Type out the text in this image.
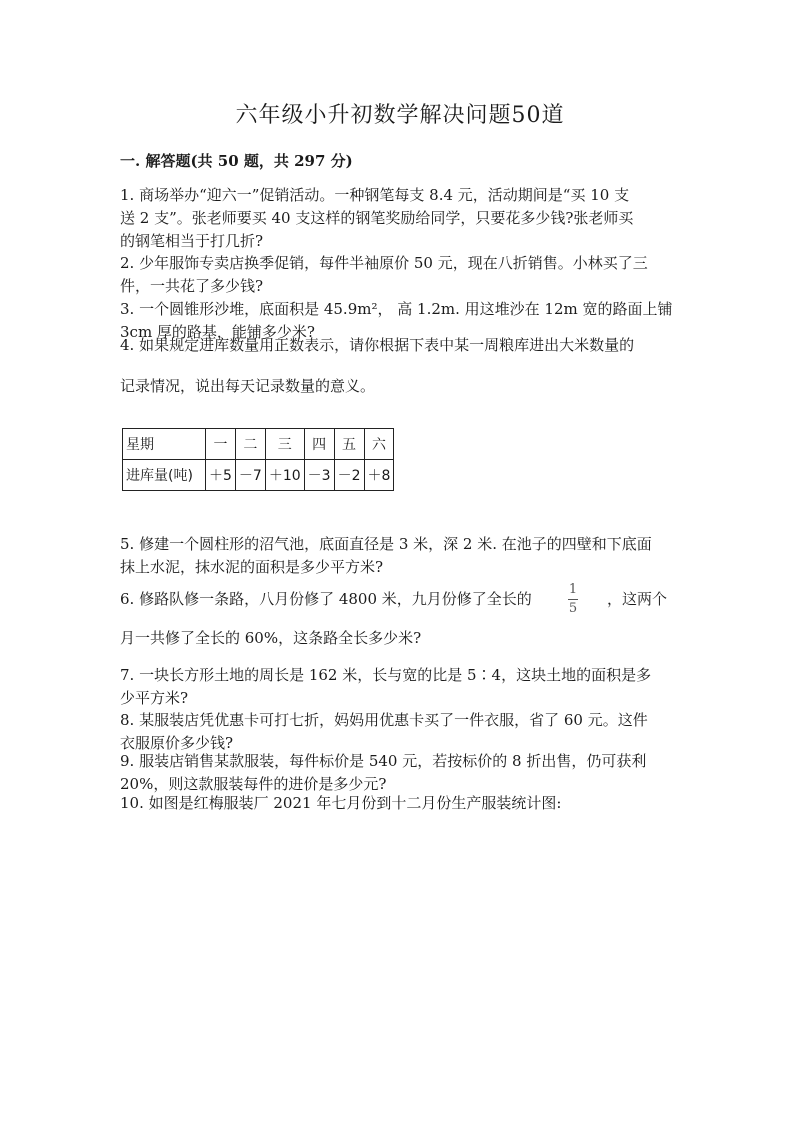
六年级小升初数学解决问题50道
一. 解答题(共 50 题，共 297 分)

1. 商场举办“迎六一”促销活动。一种钢笔每支 8.4 元，活动期间是“买 10 支

送 2 支”。张老师要买 40 支这样的钢笔奖励给同学，只要花多少钱?张老师买

的钢笔相当于打几折?

2. 少年服饰专卖店换季促销，每件半袖原价 50 元，现在八折销售。小林买了三

件，一共花了多少钱?

3. 一个圆锥形沙堆，底面积是 45.9m²， 高 1.2m. 用这堆沙在 12m 宽的路面上铺

3cm 厚的路基，能铺多少米?

4. 如果规定进库数量用正数表示，请你根据下表中某一周粮库进出大米数量的

记录情况，说出每天记录数量的意义。

星期	一	二	三	四	五	六
进库量(吨)	＋5	－7	＋10	－3	－2	＋8

5. 修建一个圆柱形的沼气池，底面直径是 3 米，深 2 米. 在池子的四壁和下底面

抹上水泥，抹水泥的面积是多少平方米?

6. 修路队修一条路，八月份修了 4800 米，九月份修了全长的

1
5
，这两个

月一共修了全长的 60%，这条路全长多少米?

7. 一块长方形土地的周长是 162 米，长与宽的比是 5∶4，这块土地的面积是多

少平方米?

8. 某服装店凭优惠卡可打七折，妈妈用优惠卡买了一件衣服，省了 60 元。这件

衣服原价多少钱?

9. 服装店销售某款服装，每件标价是 540 元，若按标价的 8 折出售，仍可获利

20%，则这款服装每件的进价是多少元?

10. 如图是红梅服装厂 2021 年七月份到十二月份生产服装统计图:
